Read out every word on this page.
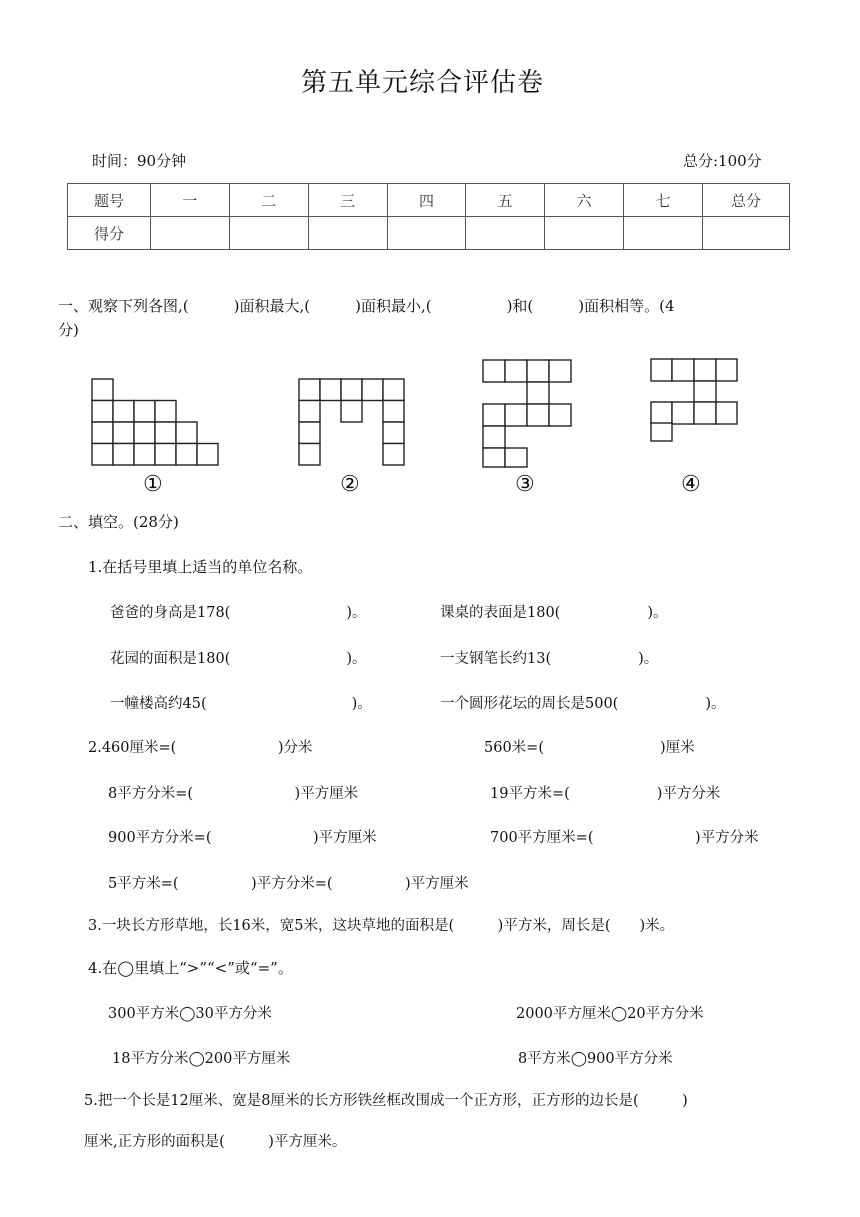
第五单元综合评估卷
时间：90分钟	总分:100分
题号	一	二	三	四	五	六	七	总分
得分								
一、观察下列各图,(　　　)面积最大,(　　　)面积最小,(　　　　　)和(　　　)面积相等。(4
分)
①	②	③	④
二、填空。(28分)
1.在括号里填上适当的单位名称。
爸爸的身高是178(　　　　　　　　)。	课桌的表面是180(　　　　　　)。
花园的面积是180(　　　　　　　　)。	一支钢笔长约13(　　　　　　)。
一幢楼高约45(　　　　　　　　　　)。	一个圆形花坛的周长是500(　　　　　　)。
2.460厘米=(　　　　　　　)分米	560米=(　　　　　　　　)厘米
8平方分米=(　　　　　　　)平方厘米	19平方米=(　　　　　　)平方分米
900平方分米=(　　　　　　　)平方厘米	700平方厘米=(　　　　　　　)平方分米
5平方米=(　　　　　)平方分米=(　　　　　)平方厘米
3.一块长方形草地，长16米，宽5米，这块草地的面积是(　　　)平方米，周长是(　　)米。
4.在◯里填上“>”“<”或“=”。
300平方米◯30平方分米	2000平方厘米◯20平方分米
18平方分米◯200平方厘米	8平方米◯900平方分米
5.把一个长是12厘米、宽是8厘米的长方形铁丝框改围成一个正方形，正方形的边长是(　　　)
厘米,正方形的面积是(　　　)平方厘米。
